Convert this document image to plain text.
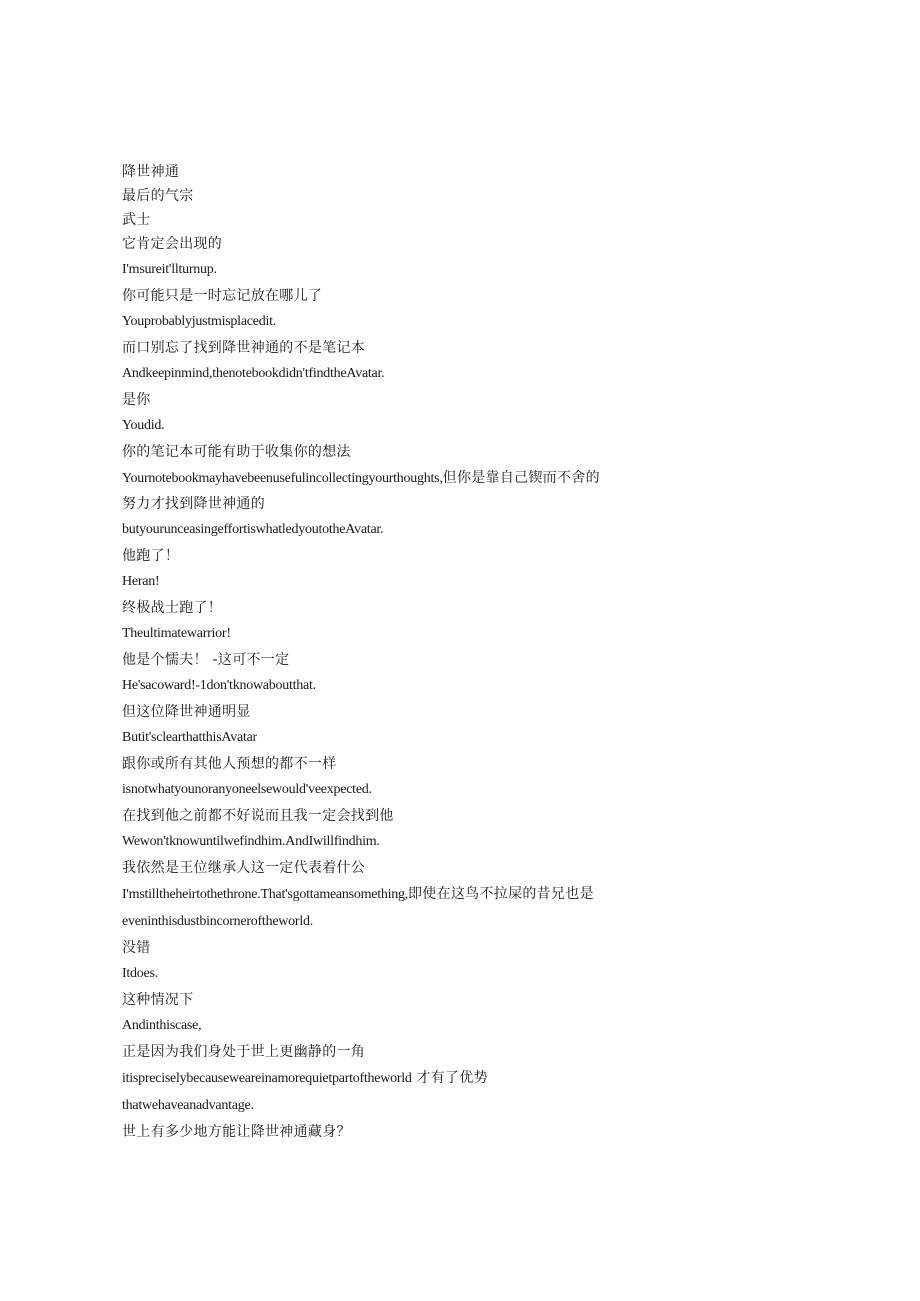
降世神通
最后的气宗
武士
它肯定会出现的
I'msureit'llturnup.
你可能只是一时忘记放在哪儿了
Youprobablyjustmisplacedit.
而口别忘了找到降世神通的不是笔记本
Andkeepinmind,thenotebookdidn'tfindtheAvatar.
是你
Youdid.
你的笔记本可能有助于收集你的想法
Yournotebookmayhavebeenusefulincollectingyourthoughts,但你是靠自己锲而不舍的
努力才找到降世神通的
butyourunceasingeffortiswhatledyoutotheAvatar.
他跑了！
Heran!
终极战士跑了！
Theultimatewarrior!
他是个懦夫！ -这可不一定
He'sacoward!-1don'tknowaboutthat.
但这位降世神通明显
Butit'sclearthatthisAvatar
跟你或所有其他人预想的都不一样
isnotwhatyounoranyoneelsewould'veexpected.
在找到他之前都不好说而且我一定会找到他
Wewon'tknowuntilwefindhim.AndIwillfindhim.
我依然是王位继承人这一定代表着什公
I'mstilltheheirtothethrone.That'sgottameansomething,即使在这鸟不拉屎的昔兄也是
eveninthisdustbincorneroftheworld.
没错
Itdoes.
这种情况下
Andinthiscase,
正是因为我们身处于世上更幽静的一角
itispreciselybecauseweareinamorequietpartoftheworld 才有了优势
thatwehaveanadvantage.
世上有多少地方能让降世神通藏身？
